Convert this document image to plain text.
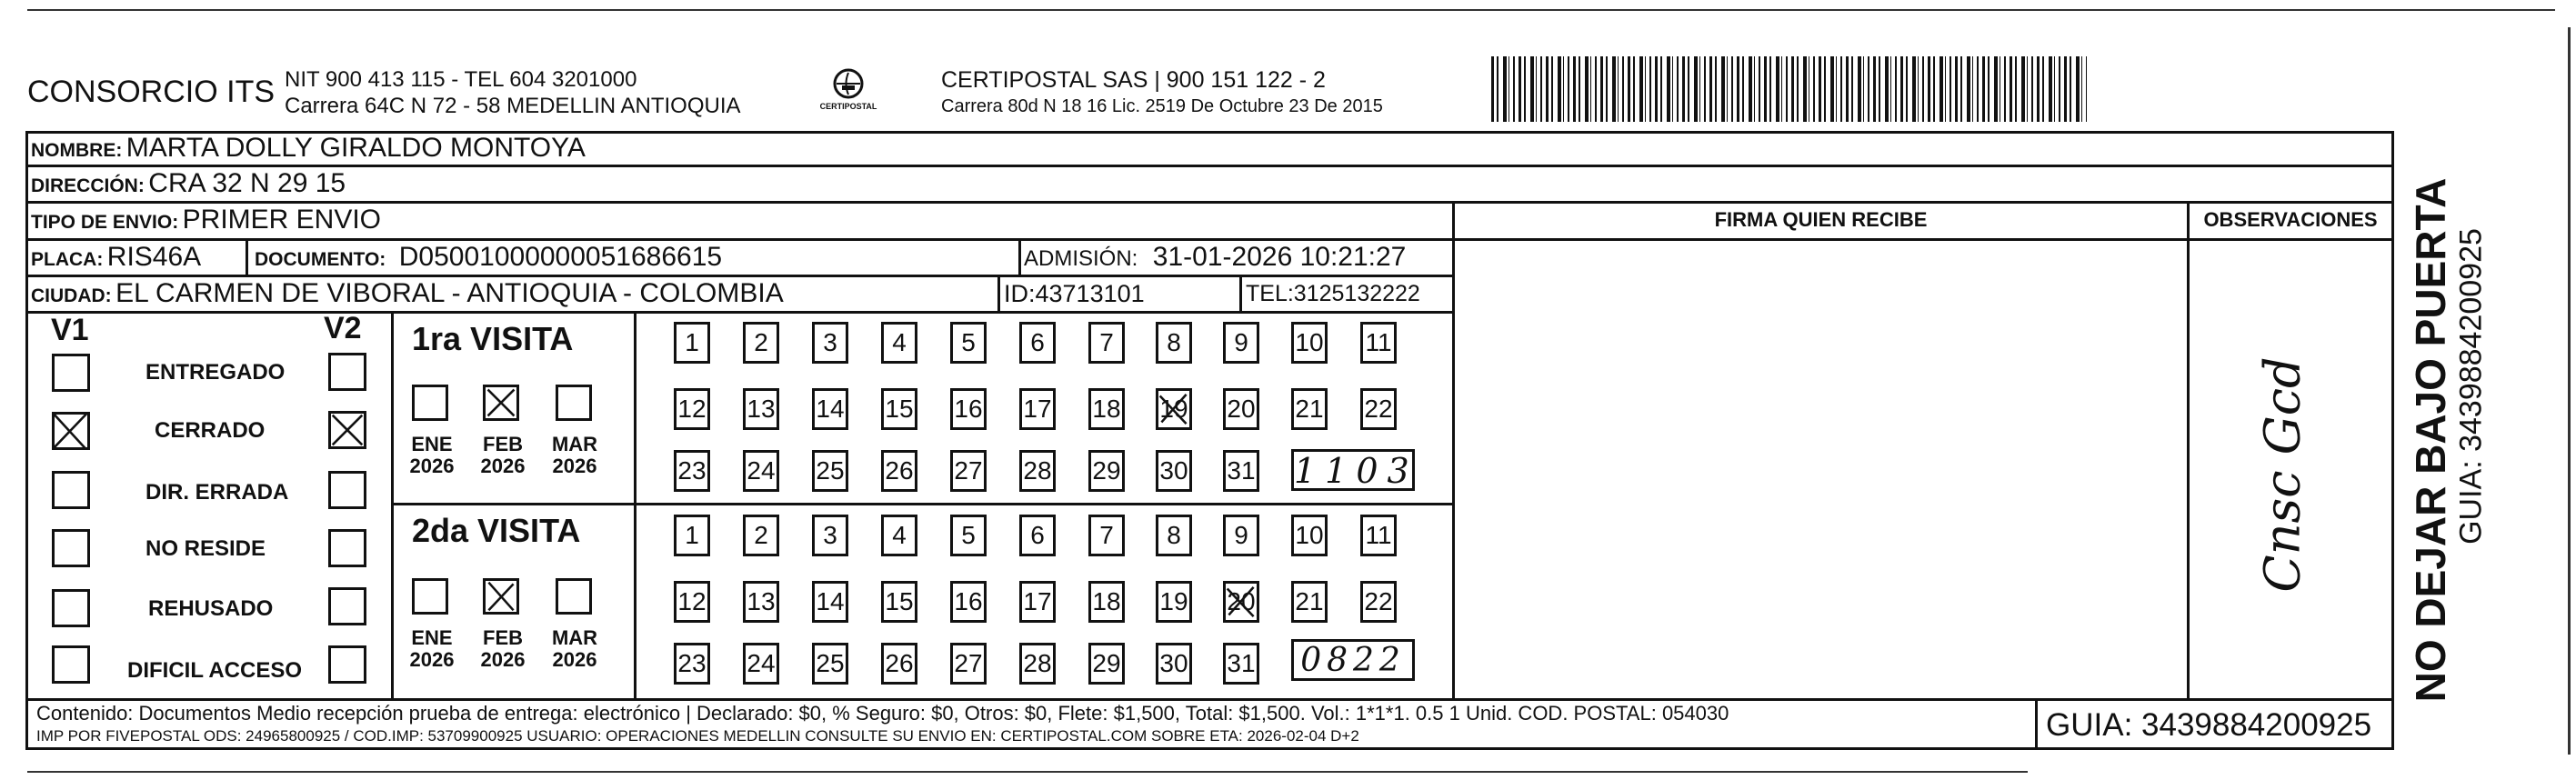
CONSORCIO ITS NIT 900 413 115 - TEL 604 3201000
Carrera 64C N 72 - 58 MEDELLIN ANTIOQUIA	CERTIPOSTAL
CERTIPOSTAL SAS | 900 151 122 - 2
Carrera 80d N 18 16 Lic. 2519 De Octubre 23 De 2015
NOMBRE: MARTA DOLLY GIRALDO MONTOYA
DIRECCIÓN: CRA 32 N 29 15
TIPO DE ENVIO: PRIMER ENVIO	FIRMA QUIEN RECIBE	OBSERVACIONES
PLACA: RIS46A	DOCUMENTO: D05001000000051686615	ADMISIÓN: 31-01-2026 10:21:27
CIUDAD: EL CARMEN DE VIBORAL - ANTIOQUIA - COLOMBIA	ID:43713101	TEL:3125132222
V1	V2
ENTREGADO
CERRADO
DIR. ERRADA
NO RESIDE
REHUSADO
DIFICIL ACCESO
1ra VISITA
ENE
2026
FEB
2026
MAR
2026
1	2	3	4	5	6	7	8	9	10 11
12 13 14 15 16 17 18 19 20 21 22
23 24 25 26 27 28 29 30 31 1103
2da VISITA
ENE
2026
FEB
2026
MAR
2026
1	2	3	4	5	6	7	8	9	10 11
12 13 14 15 16 17 18 19 20 21 22
23 24 25 26 27 28 29 30 31 0822
Cnsc Gcd NO DEJAR BAJO PUERTA GUIA: 3439884200925
Contenido: Documentos Medio recepción prueba de entrega: electrónico | Declarado: $0, % Seguro: $0, Otros: $0, Flete: $1,500, Total: $1,500. Vol.: 1*1*1. 0.5 1 Unid. COD. POSTAL: 054030
IMP POR FIVEPOSTAL ODS: 24965800925 / COD.IMP: 53709900925 USUARIO: OPERACIONES MEDELLIN CONSULTE SU ENVIO EN: CERTIPOSTAL.COM SOBRE ETA: 2026-02-04 D+2	GUIA: 3439884200925
